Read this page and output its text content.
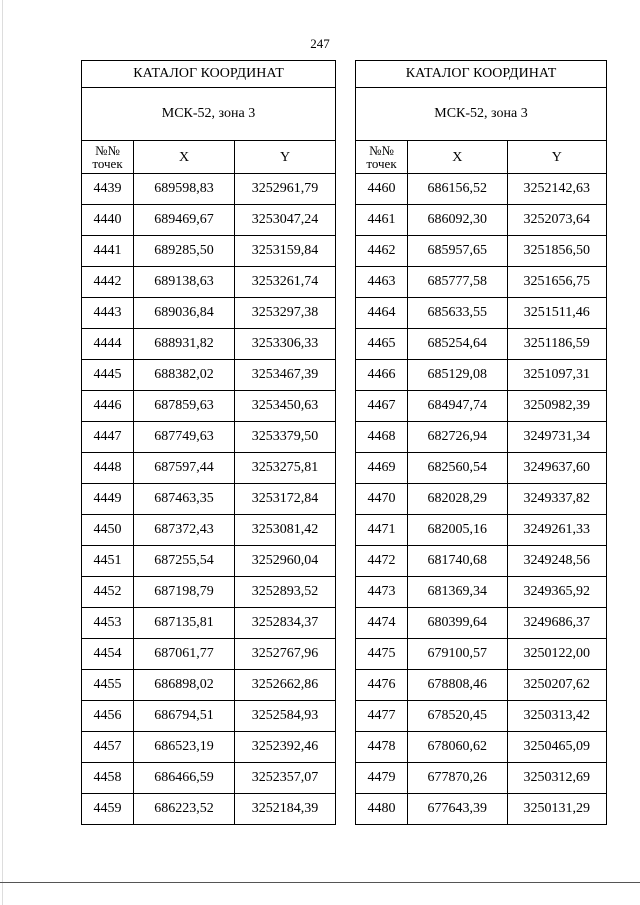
247
КАТАЛОГ КООРДИНАТ		
МСК-52, зона 3		
№№
точек	X	Y
4439	689598,83	3252961,79
4440	689469,67	3253047,24
4441	689285,50	3253159,84
4442	689138,63	3253261,74
4443	689036,84	3253297,38
4444	688931,82	3253306,33
4445	688382,02	3253467,39
4446	687859,63	3253450,63
4447	687749,63	3253379,50
4448	687597,44	3253275,81
4449	687463,35	3253172,84
4450	687372,43	3253081,42
4451	687255,54	3252960,04
4452	687198,79	3252893,52
4453	687135,81	3252834,37
4454	687061,77	3252767,96
4455	686898,02	3252662,86
4456	686794,51	3252584,93
4457	686523,19	3252392,46
4458	686466,59	3252357,07
4459	686223,52	3252184,39
КАТАЛОГ КООРДИНАТ		
МСК-52, зона 3		
№№
точек	X	Y
4460	686156,52	3252142,63
4461	686092,30	3252073,64
4462	685957,65	3251856,50
4463	685777,58	3251656,75
4464	685633,55	3251511,46
4465	685254,64	3251186,59
4466	685129,08	3251097,31
4467	684947,74	3250982,39
4468	682726,94	3249731,34
4469	682560,54	3249637,60
4470	682028,29	3249337,82
4471	682005,16	3249261,33
4472	681740,68	3249248,56
4473	681369,34	3249365,92
4474	680399,64	3249686,37
4475	679100,57	3250122,00
4476	678808,46	3250207,62
4477	678520,45	3250313,42
4478	678060,62	3250465,09
4479	677870,26	3250312,69
4480	677643,39	3250131,29
